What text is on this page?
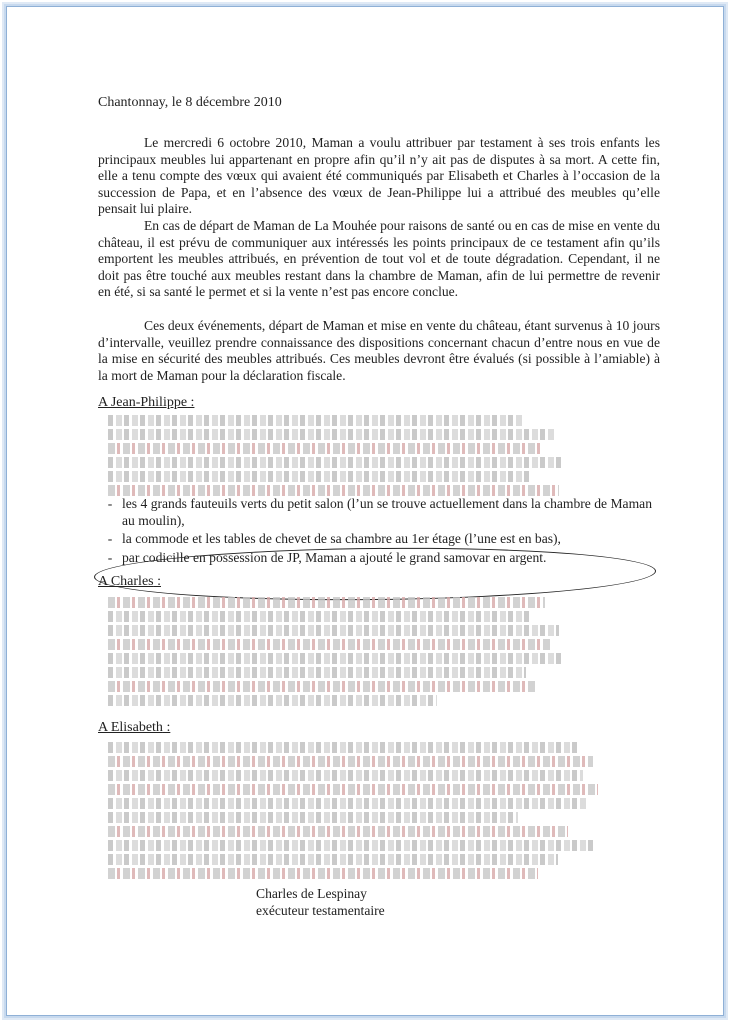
Chantonnay, le 8 décembre 2010
Le mercredi 6 octobre 2010, Maman a voulu attribuer par testament à ses trois enfants les principaux meubles lui appartenant en propre afin qu’il n’y ait pas de disputes à sa mort. A cette fin, elle a tenu compte des vœux qui avaient été communiqués par Elisabeth et Charles à l’occasion de la succession de Papa, et en l’absence des vœux de Jean-Philippe lui a attribué des meubles qu’elle pensait lui plaire.
En cas de départ de Maman de La Mouhée pour raisons de santé ou en cas de mise en vente du château, il est prévu de communiquer aux intéressés les points principaux de ce testament afin qu’ils emportent les meubles attribués, en prévention de tout vol et de toute dégradation. Cependant, il ne doit pas être touché aux meubles restant dans la chambre de Maman, afin de lui permettre de revenir en été, si sa santé le permet et si la vente n’est pas encore conclue.
Ces deux événements, départ de Maman et mise en vente du château, étant survenus à 10 jours d’intervalle, veuillez prendre connaissance des dispositions concernant chacun d’entre nous en vue de la mise en sécurité des meubles attribués. Ces meubles devront être évalués (si possible à l’amiable) à la mort de Maman pour la déclaration fiscale.
A Jean-Philippe :
- les 4 grands fauteuils verts du petit salon (l’un se trouve actuellement dans la chambre de Maman au moulin),
- la commode et les tables de chevet de sa chambre au 1er étage (l’une est en bas),
- par codicille en possession de JP, Maman a ajouté le grand samovar en argent.
A Charles :
A Elisabeth :
Charles de Lespinay
exécuteur testamentaire
